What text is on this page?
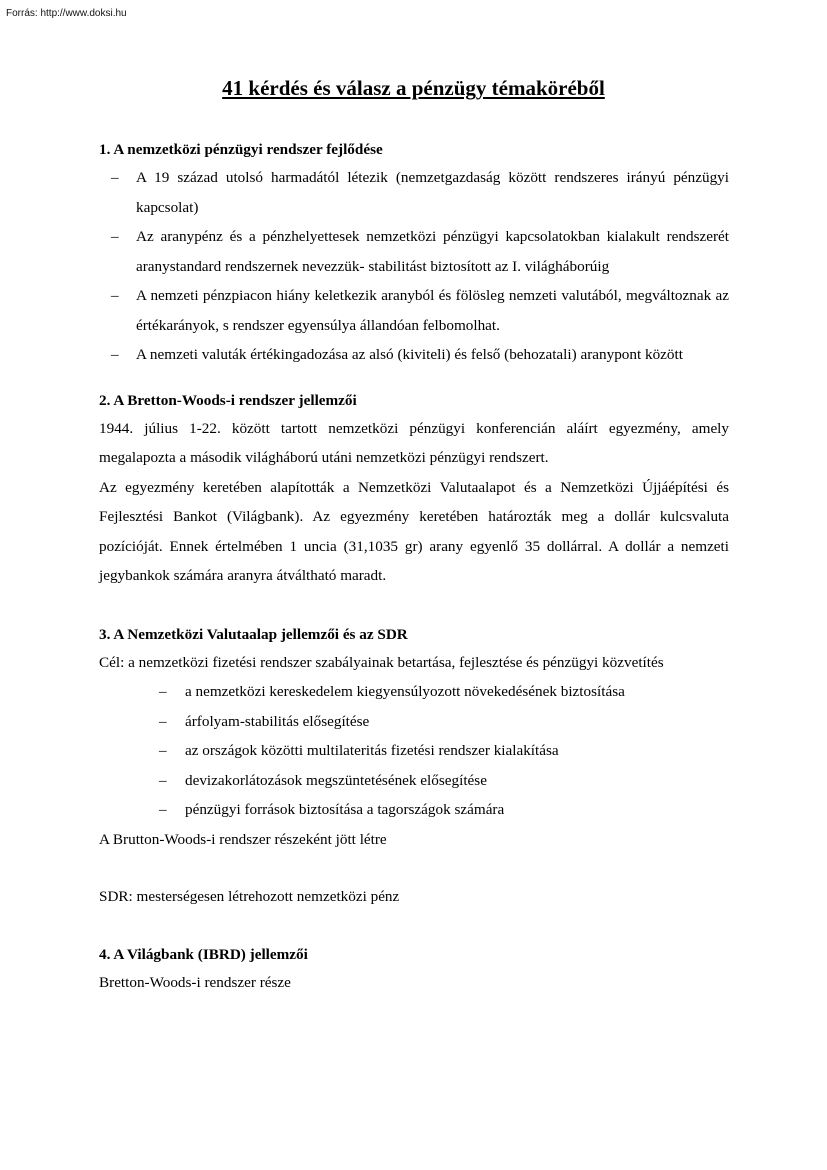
Forrás: http://www.doksi.hu
41 kérdés és válasz a pénzügy témaköréből
1. A nemzetközi pénzügyi rendszer fejlődése
– A 19 század utolsó harmadától létezik (nemzetgazdaság között rendszeres irányú pénzügyi kapcsolat)
– Az aranypénz és a pénzhelyettesek nemzetközi pénzügyi kapcsolatokban kialakult rendszerét aranystandard rendszernek nevezzük- stabilitást biztosított az I. világháborúig
– A nemzeti pénzpiacon hiány keletkezik aranyból és fölösleg nemzeti valutából, megváltoznak az értékarányok, s rendszer egyensúlya állandóan felbomolhat.
– A nemzeti valuták értékingadozása az alsó (kiviteli) és felső (behozatali) aranypont között
2. A Bretton-Woods-i rendszer jellemzői

1944. július 1-22. között tartott nemzetközi pénzügyi konferencián aláírt egyezmény, amely megalapozta a második világháború utáni nemzetközi pénzügyi rendszert.

Az egyezmény keretében alapították a Nemzetközi Valutaalapot és a Nemzetközi Újjáépítési és Fejlesztési Bankot (Világbank). Az egyezmény keretében határozták meg a dollár kulcsvaluta pozícióját. Ennek értelmében 1 uncia (31,1035 gr) arany egyenlő 35 dollárral. A dollár a nemzeti jegybankok számára aranyra átváltható maradt.

3. A Nemzetközi Valutaalap jellemzői és az SDR

Cél: a nemzetközi fizetési rendszer szabályainak betartása, fejlesztése és pénzügyi közvetítés

– a nemzetközi kereskedelem kiegyensúlyozott növekedésének biztosítása
– árfolyam-stabilitás elősegítése
– az országok közötti multilateritás fizetési rendszer kialakítása
– devizakorlátozások megszüntetésének elősegítése
– pénzügyi források biztosítása a tagországok számára

A Brutton-Woods-i rendszer részeként jött létre

SDR: mesterségesen létrehozott nemzetközi pénz

4. A Világbank (IBRD) jellemzői

Bretton-Woods-i rendszer része
